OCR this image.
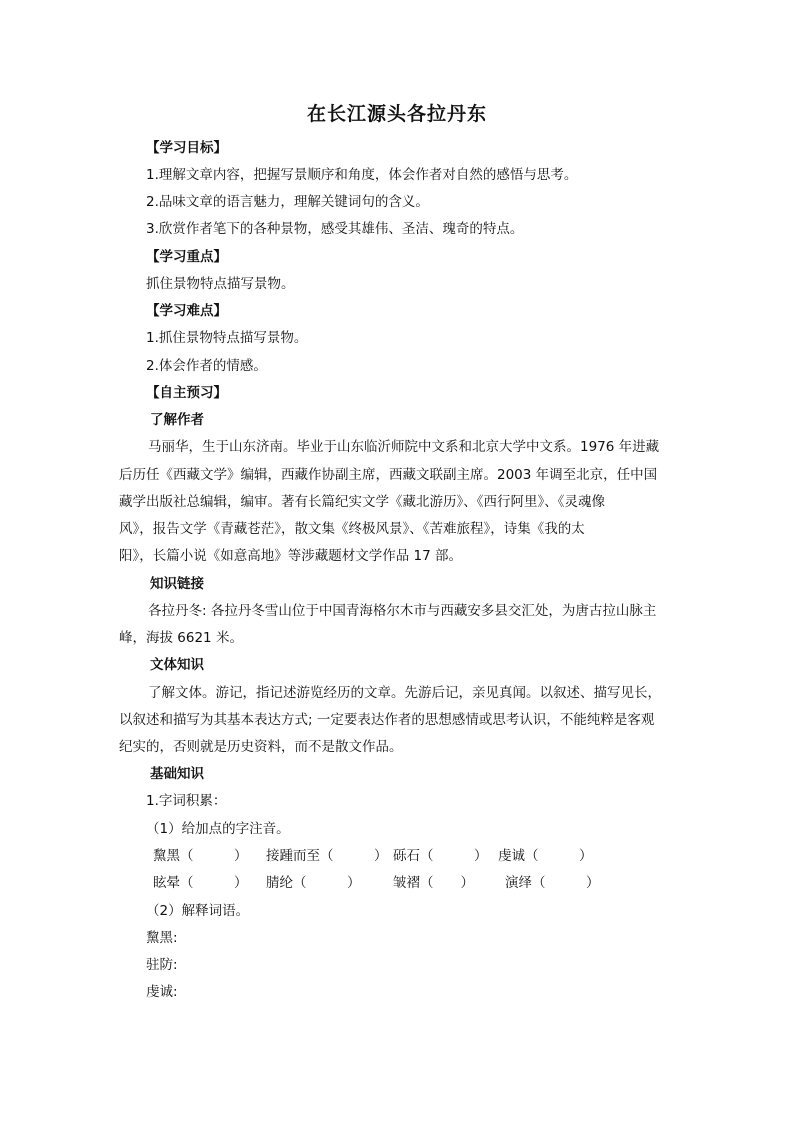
在长江源头各拉丹东
【学习目标】
1.理解文章内容，把握写景顺序和角度，体会作者对自然的感悟与思考。
2.品味文章的语言魅力，理解关键词句的含义。
3.欣赏作者笔下的各种景物，感受其雄伟、圣洁、瑰奇的特点。
【学习重点】
抓住景物特点描写景物。
【学习难点】
1.抓住景物特点描写景物。
2.体会作者的情感。
【自主预习】
了解作者
马丽华，生于山东济南。毕业于山东临沂师院中文系和北京大学中文系。1976 年进藏
后历任《西藏文学》编辑，西藏作协副主席，西藏文联副主席。2003 年调至北京，任中国
藏学出版社总编辑，编审。著有长篇纪实文学《藏北游历》、《西行阿里》、《灵魂像
风》，报告文学《青藏苍茫》，散文集《终极风景》、《苦难旅程》，诗集《我的太
阳》，长篇小说《如意高地》等涉藏题材文学作品 17 部。
知识链接
各拉丹冬: 各拉丹冬雪山位于中国青海格尔木市与西藏安多县交汇处，为唐古拉山脉主
峰，海拔 6621 米。
文体知识
了解文体。游记，指记述游览经历的文章。先游后记，亲见真闻。以叙述、描写见长，
以叙述和描写为其基本表达方式; 一定要表达作者的思想感情或思考认识，不能纯粹是客观
纪实的，否则就是历史资料，而不是散文作品。
基础知识
1.字词积累：
（1）给加点的字注音。
黧黑（　　　） 接踵而至（　　　） 砾石（　　　） 虔诚（　　　）
眩晕（　　　） 腈纶（　　　） 皱褶（　　） 演绎（　　　）
（2）解释词语。
黧黑:
驻防:
虔诚:
